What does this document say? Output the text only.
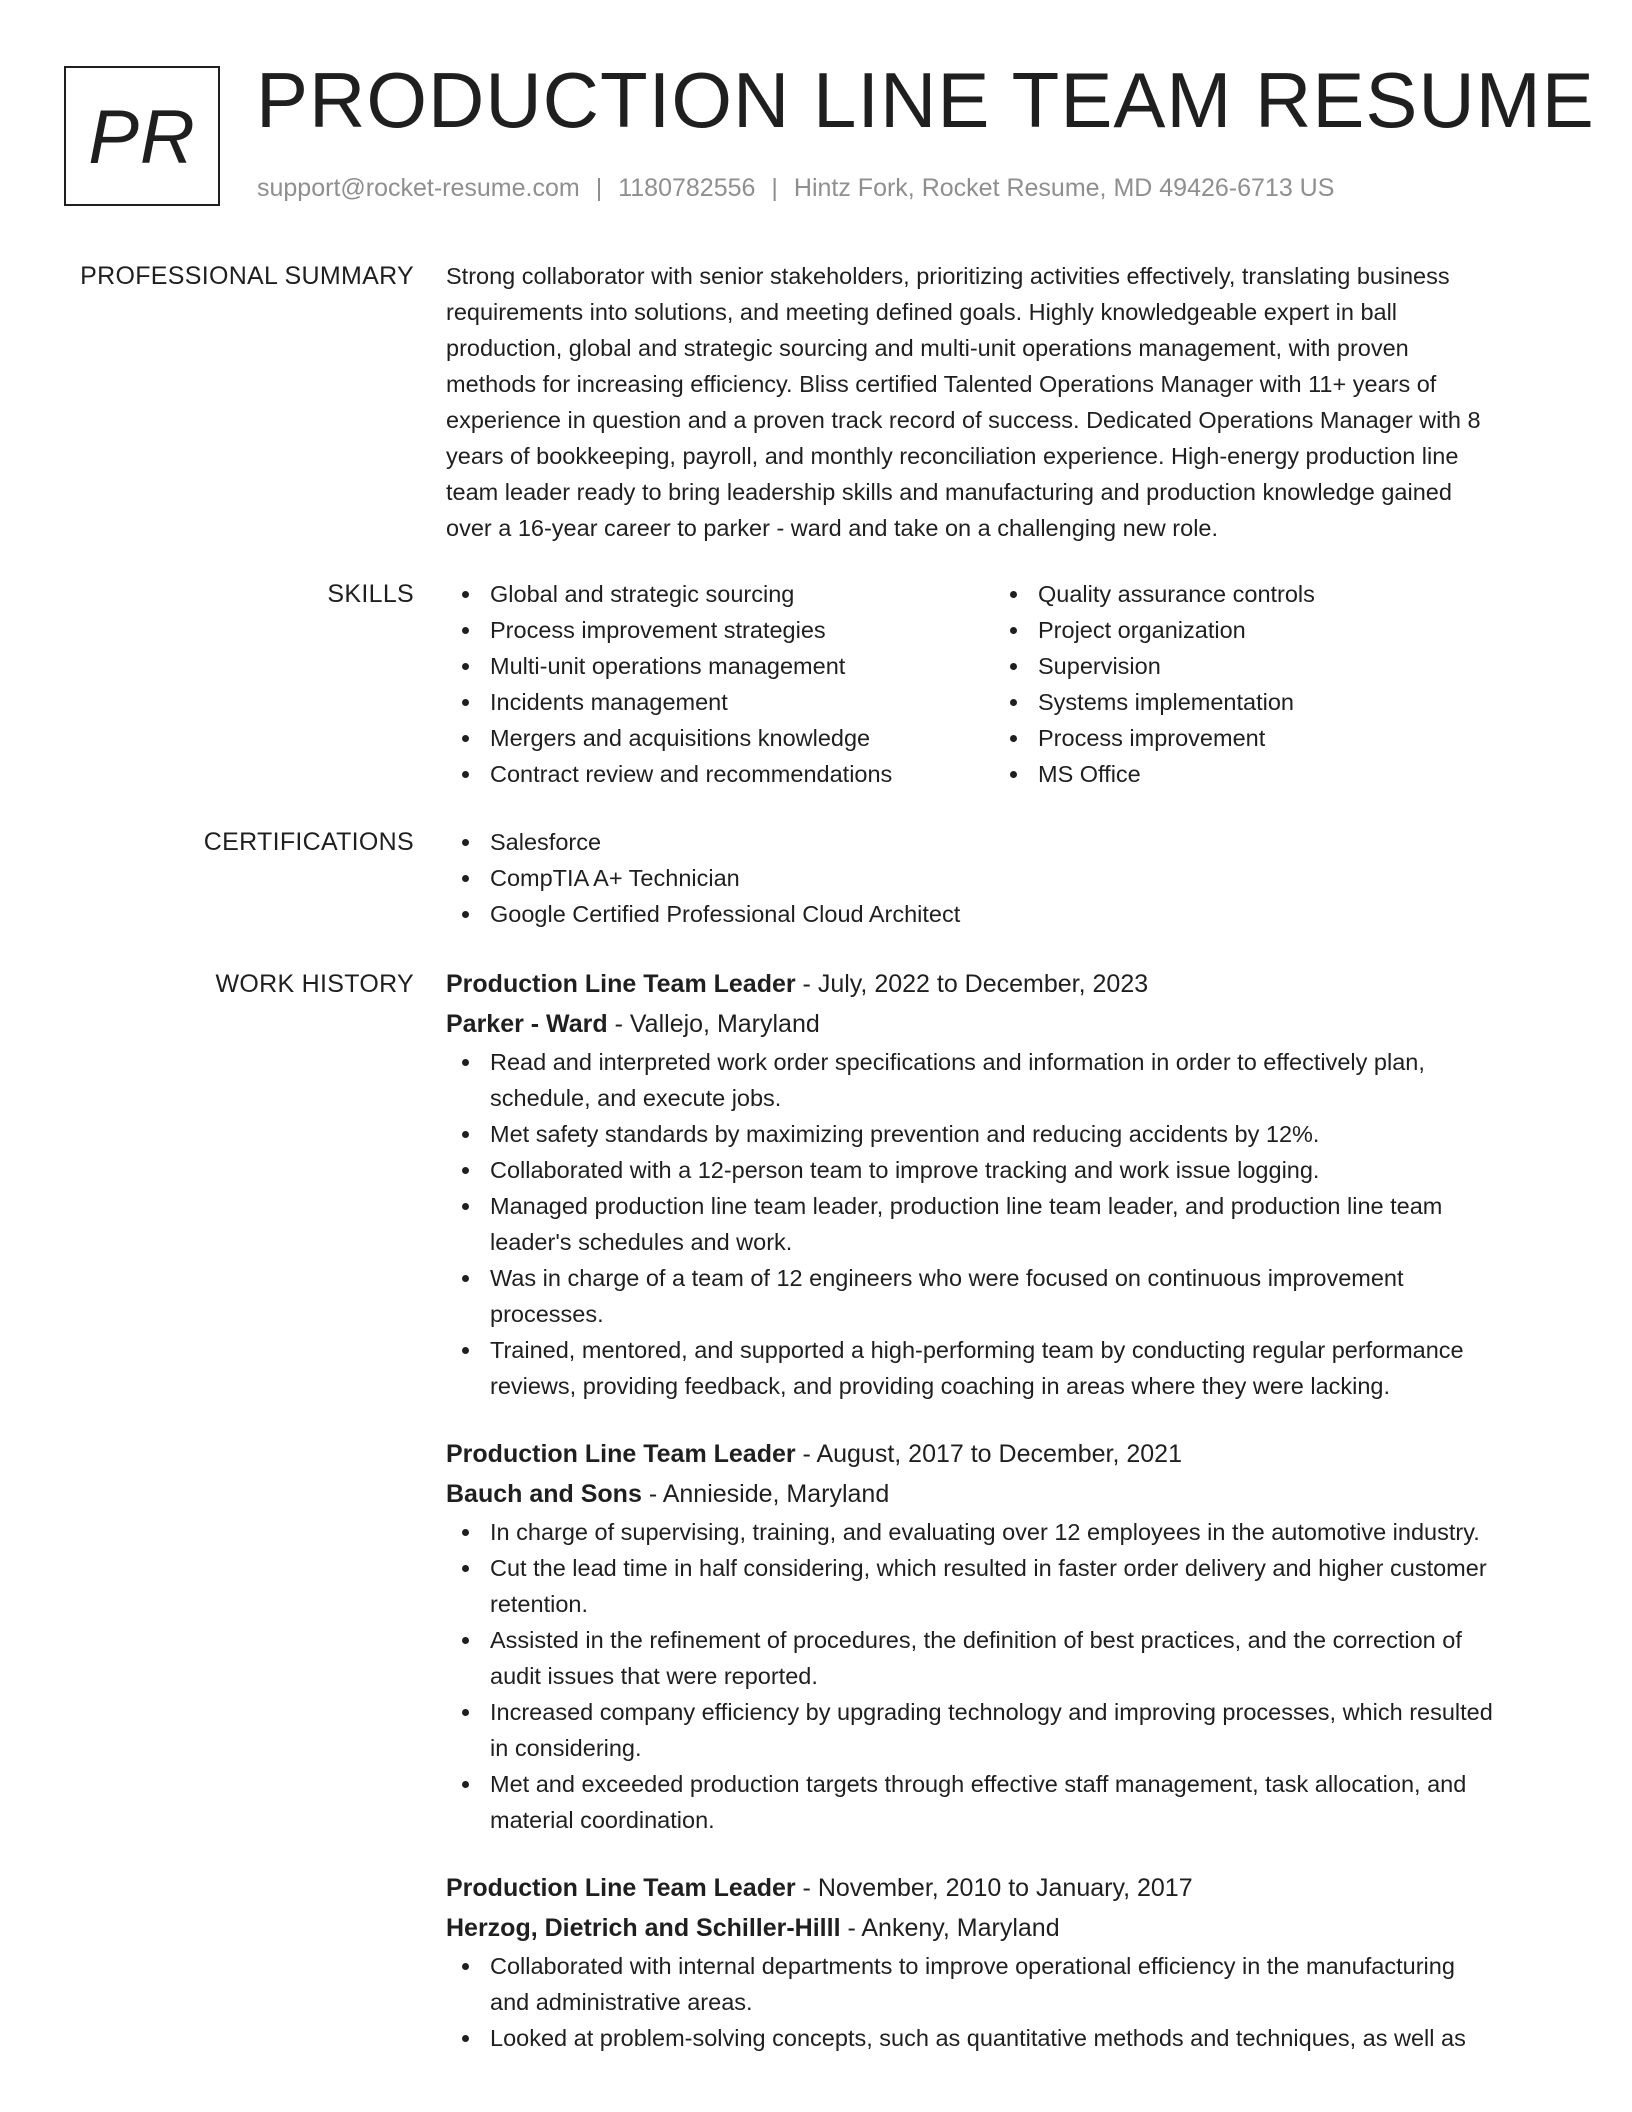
PR PRODUCTION LINE TEAM RESUME
support@rocket-resume.com | 1180782556 | Hintz Fork, Rocket Resume, MD 49426-6713 US
PROFESSIONAL SUMMARY Strong collaborator with senior stakeholders, prioritizing activities effectively, translating business
requirements into solutions, and meeting defined goals. Highly knowledgeable expert in ball
production, global and strategic sourcing and multi-unit operations management, with proven
methods for increasing efficiency. Bliss certified Talented Operations Manager with 11+ years of
experience in question and a proven track record of success. Dedicated Operations Manager with 8
years of bookkeeping, payroll, and monthly reconciliation experience. High-energy production line
team leader ready to bring leadership skills and manufacturing and production knowledge gained
over a 16-year career to parker - ward and take on a challenging new role.
SKILLS	Global and strategic sourcing
Process improvement strategies
Multi-unit operations management
Incidents management
Mergers and acquisitions knowledge
Contract review and recommendations
Quality assurance controls
Project organization
Supervision
Systems implementation
Process improvement
MS Office
CERTIFICATIONS	Salesforce
CompTIA A+ Technician
Google Certified Professional Cloud Architect
WORK HISTORY Production Line Team Leader - July, 2022 to December, 2023
Parker - Ward - Vallejo, Maryland
Read and interpreted work order specifications and information in order to effectively plan,
schedule, and execute jobs.
Met safety standards by maximizing prevention and reducing accidents by 12%.
Collaborated with a 12-person team to improve tracking and work issue logging.
Managed production line team leader, production line team leader, and production line team
leader's schedules and work.
Was in charge of a team of 12 engineers who were focused on continuous improvement
processes.
Trained, mentored, and supported a high-performing team by conducting regular performance
reviews, providing feedback, and providing coaching in areas where they were lacking.
Production Line Team Leader - August, 2017 to December, 2021
Bauch and Sons - Annieside, Maryland
In charge of supervising, training, and evaluating over 12 employees in the automotive industry.
Cut the lead time in half considering, which resulted in faster order delivery and higher customer
retention.
Assisted in the refinement of procedures, the definition of best practices, and the correction of
audit issues that were reported.
Increased company efficiency by upgrading technology and improving processes, which resulted
in considering.
Met and exceeded production targets through effective staff management, task allocation, and
material coordination.
Production Line Team Leader - November, 2010 to January, 2017
Herzog, Dietrich and Schiller-Hilll - Ankeny, Maryland
Collaborated with internal departments to improve operational efficiency in the manufacturing
and administrative areas.
Looked at problem-solving concepts, such as quantitative methods and techniques, as well as
